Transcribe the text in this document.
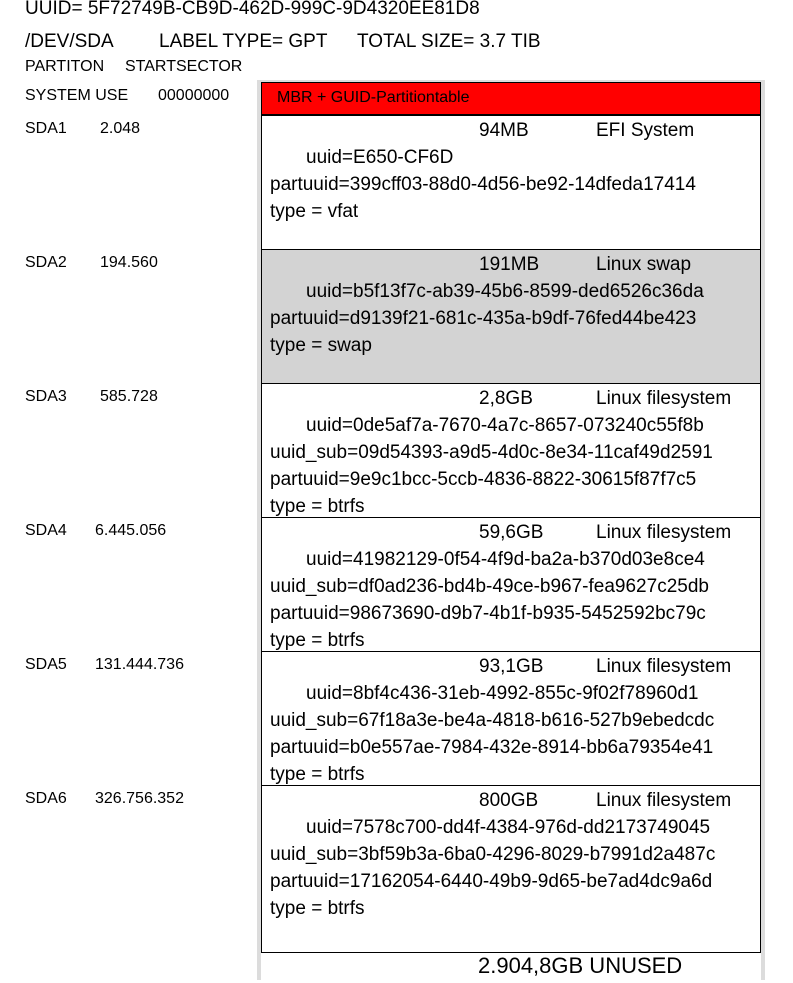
UUID= 5F72749B-CB9D-462D-999C-9D4320EE81D8
/DEV/SDA LABEL TYPE= GPT TOTAL SIZE= 3.7 TIB
PARTITON STARTSECTOR
SYSTEM USE 00000000
SDA1 2.048
SDA2 194.560
SDA3 585.728
SDA4 6.445.056
SDA5 131.444.736
SDA6 326.756.352
MBR + GUID-Partitiontable
94MB	EFI System
uuid=E650-CF6D
partuuid=399cff03-88d0-4d56-be92-14dfeda17414
type = vfat
191MB	Linux swap
uuid=b5f13f7c-ab39-45b6-8599-ded6526c36da
partuuid=d9139f21-681c-435a-b9df-76fed44be423
type = swap
2,8GB	Linux filesystem
uuid=0de5af7a-7670-4a7c-8657-073240c55f8b
uuid_sub=09d54393-a9d5-4d0c-8e34-11caf49d2591
partuuid=9e9c1bcc-5ccb-4836-8822-30615f87f7c5
type = btrfs
59,6GB	Linux filesystem
uuid=41982129-0f54-4f9d-ba2a-b370d03e8ce4
uuid_sub=df0ad236-bd4b-49ce-b967-fea9627c25db
partuuid=98673690-d9b7-4b1f-b935-5452592bc79c
type = btrfs
93,1GB	Linux filesystem
uuid=8bf4c436-31eb-4992-855c-9f02f78960d1
uuid_sub=67f18a3e-be4a-4818-b616-527b9ebedcdc
partuuid=b0e557ae-7984-432e-8914-bb6a79354e41
type = btrfs
800GB	Linux filesystem
uuid=7578c700-dd4f-4384-976d-dd2173749045
uuid_sub=3bf59b3a-6ba0-4296-8029-b7991d2a487c
partuuid=17162054-6440-49b9-9d65-be7ad4dc9a6d
type = btrfs
2.904,8GB UNUSED
